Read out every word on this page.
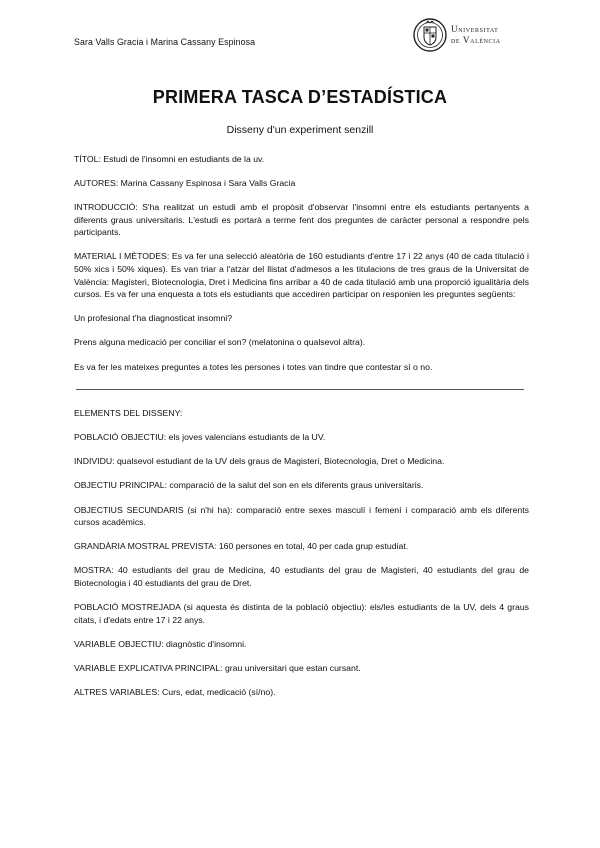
Sara Valls Gracia i Marina Cassany Espinosa
Universitat
de València
PRIMERA TASCA D’ESTADÍSTICA
Disseny d'un experiment senzill

TÍTOL: Estudi de l'insomni en estudiants de la uv.

AUTORES: Marina Cassany Espinosa i Sara Valls Gracia

INTRODUCCIÓ: S'ha realitzat un estudi amb el propòsit d'observar l'insomni entre els estudiants pertanyents a diferents graus universitaris. L'estudi es portarà a terme fent dos preguntes de caràcter personal a respondre pels participants.

MATERIAL I MÈTODES: Es va fer una selecció aleatòria de 160 estudiants d'entre 17 i 22 anys (40 de cada titulació i 50% xics i 50% xiques). Es van triar a l'atzar del llistat d'admesos a les titulacions de tres graus de la Universitat de València: Magisteri, Biotecnologia, Dret i Medicina fins arribar a 40 de cada titulació amb una proporció igualitària dels cursos. Es va fer una enquesta a tots els estudiants que accediren participar on responien les preguntes següents:

Un profesional t'ha diagnosticat insomni?

Prens alguna medicació per conciliar el son? (melatonina o qualsevol altra).

Es va fer les mateixes preguntes a totes les persones i totes van tindre que contestar sí o no.

ELEMENTS DEL DISSENY:

POBLACIÓ OBJECTIU: els joves valencians estudiants de la UV.

INDIVIDU: qualsevol estudiant de la UV dels graus de Magisteri, Biotecnologia, Dret o Medicina.

OBJECTIU PRINCIPAL: comparació de la salut del son en els diferents graus universitaris.

OBJECTIUS SECUNDARIS (si n'hi ha): comparació entre sexes masculí i femení i comparació amb els diferents cursos acadèmics.

GRANDÀRIA MOSTRAL PREVISTA: 160 persones en total, 40 per cada grup estudiat.

MOSTRA: 40 estudiants del grau de Medicina, 40 estudiants del grau de Magisteri, 40 estudiants del grau de Biotecnologia i 40 estudiants del grau de Dret.

POBLACIÓ MOSTREJADA (si aquesta és distinta de la població objectiu): els/les estudiants de la UV, dels 4 graus citats, i d'edats entre 17 i 22 anys.

VARIABLE OBJECTIU: diagnòstic d'insomni.

VARIABLE EXPLICATIVA PRINCIPAL: grau universitari que estan cursant.

ALTRES VARIABLES: Curs, edat, medicació (sí/no).
